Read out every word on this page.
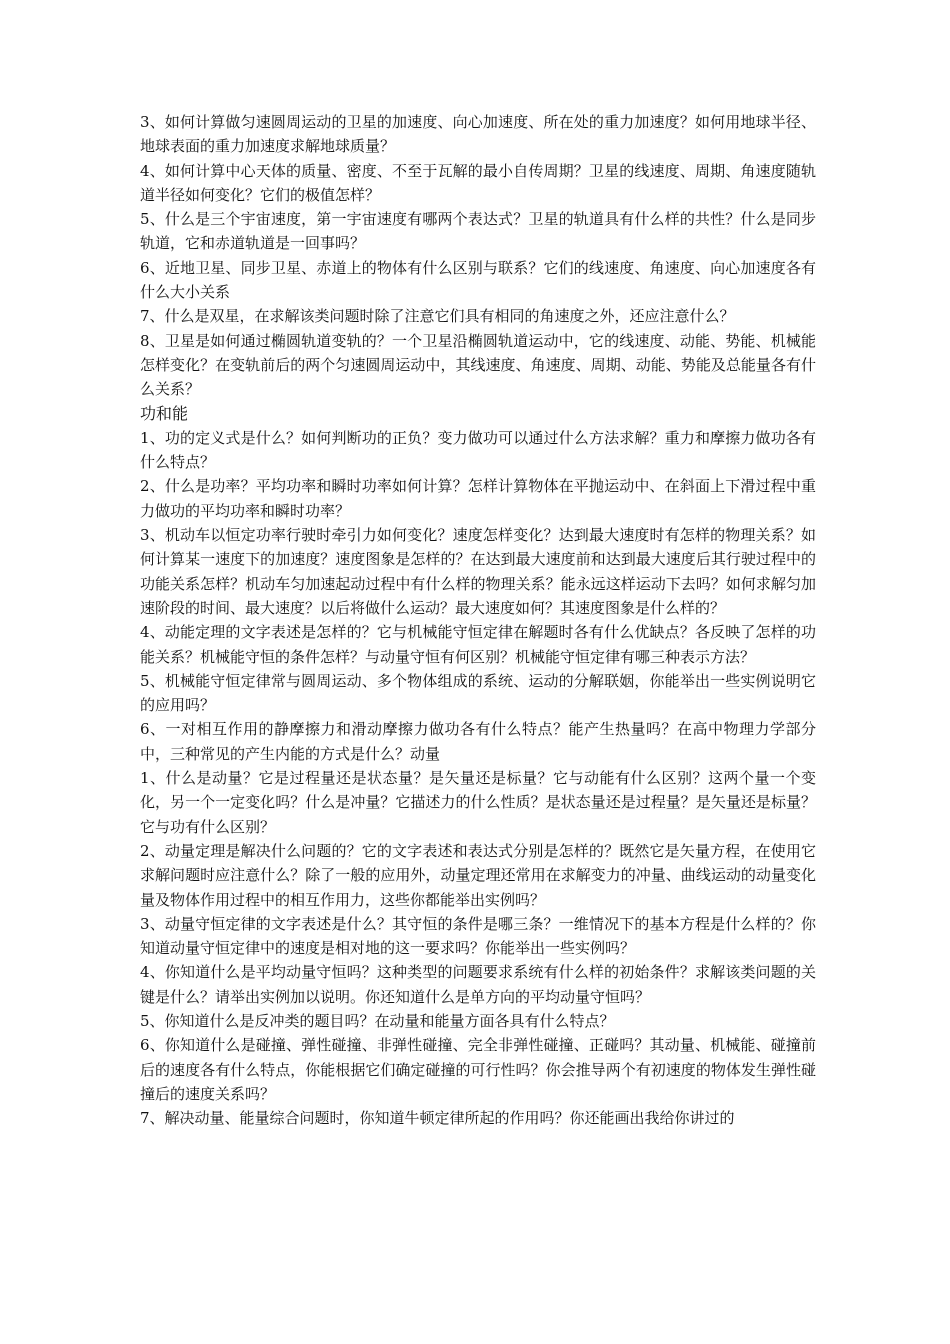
3、如何计算做匀速圆周运动的卫星的加速度、向心加速度、所在处的重力加速度？如何用地球半径、地球表面的重力加速度求解地球质量？

4、如何计算中心天体的质量、密度、不至于瓦解的最小自传周期？卫星的线速度、周期、角速度随轨道半径如何变化？它们的极值怎样？

5、什么是三个宇宙速度，第一宇宙速度有哪两个表达式？卫星的轨道具有什么样的共性？什么是同步轨道，它和赤道轨道是一回事吗？

6、近地卫星、同步卫星、赤道上的物体有什么区别与联系？它们的线速度、角速度、向心加速度各有什么大小关系

7、什么是双星，在求解该类问题时除了注意它们具有相同的角速度之外，还应注意什么？

8、卫星是如何通过椭圆轨道变轨的？一个卫星沿椭圆轨道运动中，它的线速度、动能、势能、机械能怎样变化？在变轨前后的两个匀速圆周运动中，其线速度、角速度、周期、动能、势能及总能量各有什么关系？

功和能

1、功的定义式是什么？如何判断功的正负？变力做功可以通过什么方法求解？重力和摩擦力做功各有什么特点？

2、什么是功率？平均功率和瞬时功率如何计算？怎样计算物体在平抛运动中、在斜面上下滑过程中重力做功的平均功率和瞬时功率？

3、机动车以恒定功率行驶时牵引力如何变化？速度怎样变化？达到最大速度时有怎样的物理关系？如何计算某一速度下的加速度？速度图象是怎样的？在达到最大速度前和达到最大速度后其行驶过程中的功能关系怎样？机动车匀加速起动过程中有什么样的物理关系？能永远这样运动下去吗？如何求解匀加速阶段的时间、最大速度？以后将做什么运动？最大速度如何？其速度图象是什么样的？

4、动能定理的文字表述是怎样的？它与机械能守恒定律在解题时各有什么优缺点？各反映了怎样的功能关系？机械能守恒的条件怎样？与动量守恒有何区别？机械能守恒定律有哪三种表示方法？

5、机械能守恒定律常与圆周运动、多个物体组成的系统、运动的分解联姻，你能举出一些实例说明它的应用吗？

6、一对相互作用的静摩擦力和滑动摩擦力做功各有什么特点？能产生热量吗？在高中物理力学部分中，三种常见的产生内能的方式是什么？动量

1、什么是动量？它是过程量还是状态量？是矢量还是标量？它与动能有什么区别？这两个量一个变化，另一个一定变化吗？什么是冲量？它描述力的什么性质？是状态量还是过程量？是矢量还是标量？它与功有什么区别？

2、动量定理是解决什么问题的？它的文字表述和表达式分别是怎样的？既然它是矢量方程，在使用它求解问题时应注意什么？除了一般的应用外，动量定理还常用在求解变力的冲量、曲线运动的动量变化量及物体作用过程中的相互作用力，这些你都能举出实例吗？

3、动量守恒定律的文字表述是什么？其守恒的条件是哪三条？一维情况下的基本方程是什么样的？你知道动量守恒定律中的速度是相对地的这一要求吗？你能举出一些实例吗？

4、你知道什么是平均动量守恒吗？这种类型的问题要求系统有什么样的初始条件？求解该类问题的关键是什么？请举出实例加以说明。你还知道什么是单方向的平均动量守恒吗？

5、你知道什么是反冲类的题目吗？在动量和能量方面各具有什么特点？

6、你知道什么是碰撞、弹性碰撞、非弹性碰撞、完全非弹性碰撞、正碰吗？其动量、机械能、碰撞前后的速度各有什么特点，你能根据它们确定碰撞的可行性吗？你会推导两个有初速度的物体发生弹性碰撞后的速度关系吗？

7、解决动量、能量综合问题时，你知道牛顿定律所起的作用吗？你还能画出我给你讲过的
